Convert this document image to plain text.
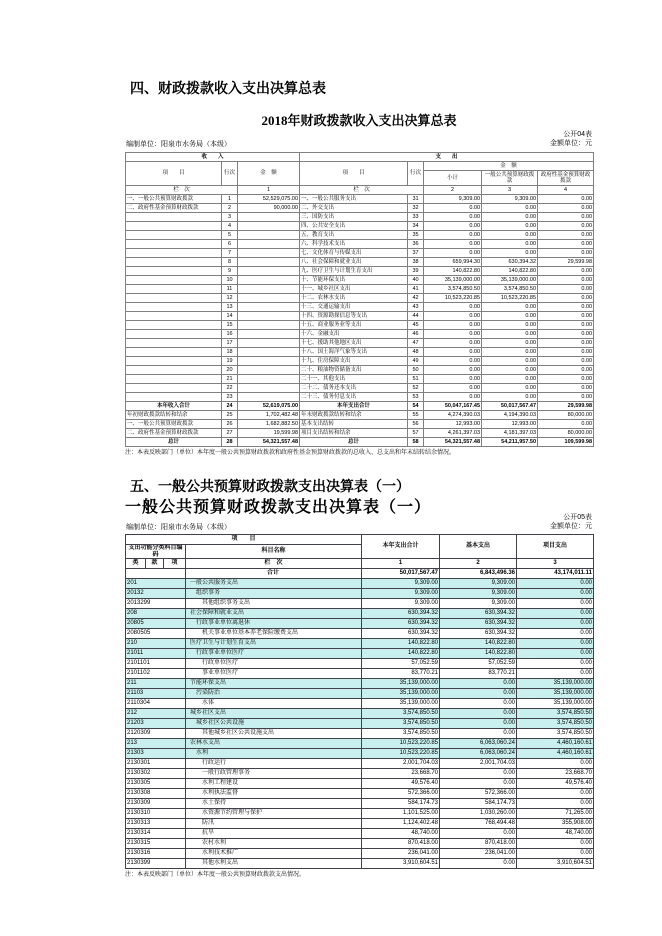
四、财政拨款收入支出决算总表
2018年财政拨款收入支出决算总表
编制单位：阳泉市水务局（本级）
公开04表
金额单位：元
收　　入			支　　出				
项　　目	行次	金　额	项　　目	行次	金　额		
					小计	一般公共预算财政拨款	政府性基金预算财政拨款
栏　次		1	栏　次		2	3	4
一、一般公共预算财政拨款	1	52,529,075.00	一、一般公共服务支出	31	9,309.00	9,309.00	0.00
二、政府性基金预算财政拨款	2	90,000.00	二、外交支出	32	0.00	0.00	0.00
	3		三、国防支出	33	0.00	0.00	0.00
	4		四、公共安全支出	34	0.00	0.00	0.00
	5		五、教育支出	35	0.00	0.00	0.00
	6		六、科学技术支出	36	0.00	0.00	0.00
	7		七、文化体育与传媒支出	37	0.00	0.00	0.00
	8		八、社会保障和就业支出	38	659,994.30	630,394.32	29,599.98
	9		九、医疗卫生与计划生育支出	39	140,822.80	140,822.80	0.00
	10		十、节能环保支出	40	35,139,000.00	35,139,000.00	0.00
	11		十一、城乡社区支出	41	3,574,850.50	3,574,850.50	0.00
	12		十二、农林水支出	42	10,523,220.85	10,523,220.85	0.00
	13		十三、交通运输支出	43	0.00	0.00	0.00
	14		十四、资源勘探信息等支出	44	0.00	0.00	0.00
	15		十五、商业服务业等支出	45	0.00	0.00	0.00
	16		十六、金融支出	46	0.00	0.00	0.00
	17		十七、援助其他地区支出	47	0.00	0.00	0.00
	18		十八、国土海洋气象等支出	48	0.00	0.00	0.00
	19		十九、住房保障支出	49	0.00	0.00	0.00
	20		二十、粮油物资储备支出	50	0.00	0.00	0.00
	21		二十一、其他支出	51	0.00	0.00	0.00
	22		二十二、债务还本支出	52	0.00	0.00	0.00
	23		二十三、债务付息支出	53	0.00	0.00	0.00
本年收入合计	24	52,619,075.00	本年支出合计	54	50,047,167.45	50,017,567.47	29,599.98
年初财政拨款结转和结余	25	1,702,482.48	年末财政拨款结转和结余	55	4,274,390.03	4,194,390.03	80,000.00
一、一般公共预算财政拨款	26	1,682,882.50	基本支出结转	56	12,993.00	12,993.00	0.00
二、政府性基金预算财政拨款	27	19,599.98	项目支出结转和结余	57	4,261,397.03	4,181,397.03	80,000.00
总计	28	54,321,557.48	总计	58	54,321,557.48	54,211,957.50	109,599.98
注：本表反映部门（单位）本年度一般公共预算财政拨款和政府性基金预算财政拨款的总收入、总支出和年末结转结余情况。
五、一般公共预算财政拨款支出决算表（一）
一般公共预算财政拨款支出决算表（一）
编制单位：阳泉市水务局（本级）
公开05表
金额单位：元
项　　目				本年支出合计	基本支出	项目支出
支出功能分类科目编码			科目名称			
类	款	项	栏　次	1	2	3
			合计	50,017,567.47	6,843,496.36	43,174,011.11
201			一般公共服务支出	9,309.00	9,309.00	0.00
20132			组织事务	9,309.00	9,309.00	0.00
2013299			其他组织事务支出	9,309.00	9,309.00	0.00
208			社会保障和就业支出	630,394.32	630,394.32	0.00
20805			行政事业单位离退休	630,394.32	630,394.32	0.00
2080505			机关事业单位基本养老保险缴费支出	630,394.32	630,394.32	0.00
210			医疗卫生与计划生育支出	140,822.80	140,822.80	0.00
21011			行政事业单位医疗	140,822.80	140,822.80	0.00
2101101			行政单位医疗	57,052.59	57,052.59	0.00
2101102			事业单位医疗	83,770.21	83,770.21	0.00
211			节能环保支出	35,139,000.00	0.00	35,139,000.00
21103			污染防治	35,139,000.00	0.00	35,139,000.00
2110304			水体	35,139,000.00	0.00	35,139,000.00
212			城乡社区支出	3,574,850.50	0.00	3,574,850.50
21203			城乡社区公共设施	3,574,850.50	0.00	3,574,850.50
2120309			其他城乡社区公共设施支出	3,574,850.50	0.00	3,574,850.50
213			农林水支出	10,523,220.85	6,063,060.24	4,460,160.61
21303			水利	10,523,220.85	6,063,060.24	4,460,160.61
2130301			行政运行	2,001,704.03	2,001,704.03	0.00
2130302			一般行政管理事务	23,668.70	0.00	23,668.70
2130305			水利工程建设	49,576.40	0.00	49,576.40
2130308			水利执法监督	572,366.00	572,366.00	0.00
2130309			水土保持	584,174.73	584,174.73	0.00
2130310			水资源节约管理与保护	1,101,525.00	1,030,260.00	71,265.00
2130313			防汛	1,124,402.48	768,494.48	355,908.00
2130314			抗旱	48,740.00	0.00	48,740.00
2130315			农村水利	870,418.00	870,418.00	0.00
2130316			水利技术推广	236,041.00	236,041.00	0.00
2130399			其他水利支出	3,910,604.51	0.00	3,910,604.51
注：本表反映部门（单位）本年度一般公共预算财政拨款支出情况。
